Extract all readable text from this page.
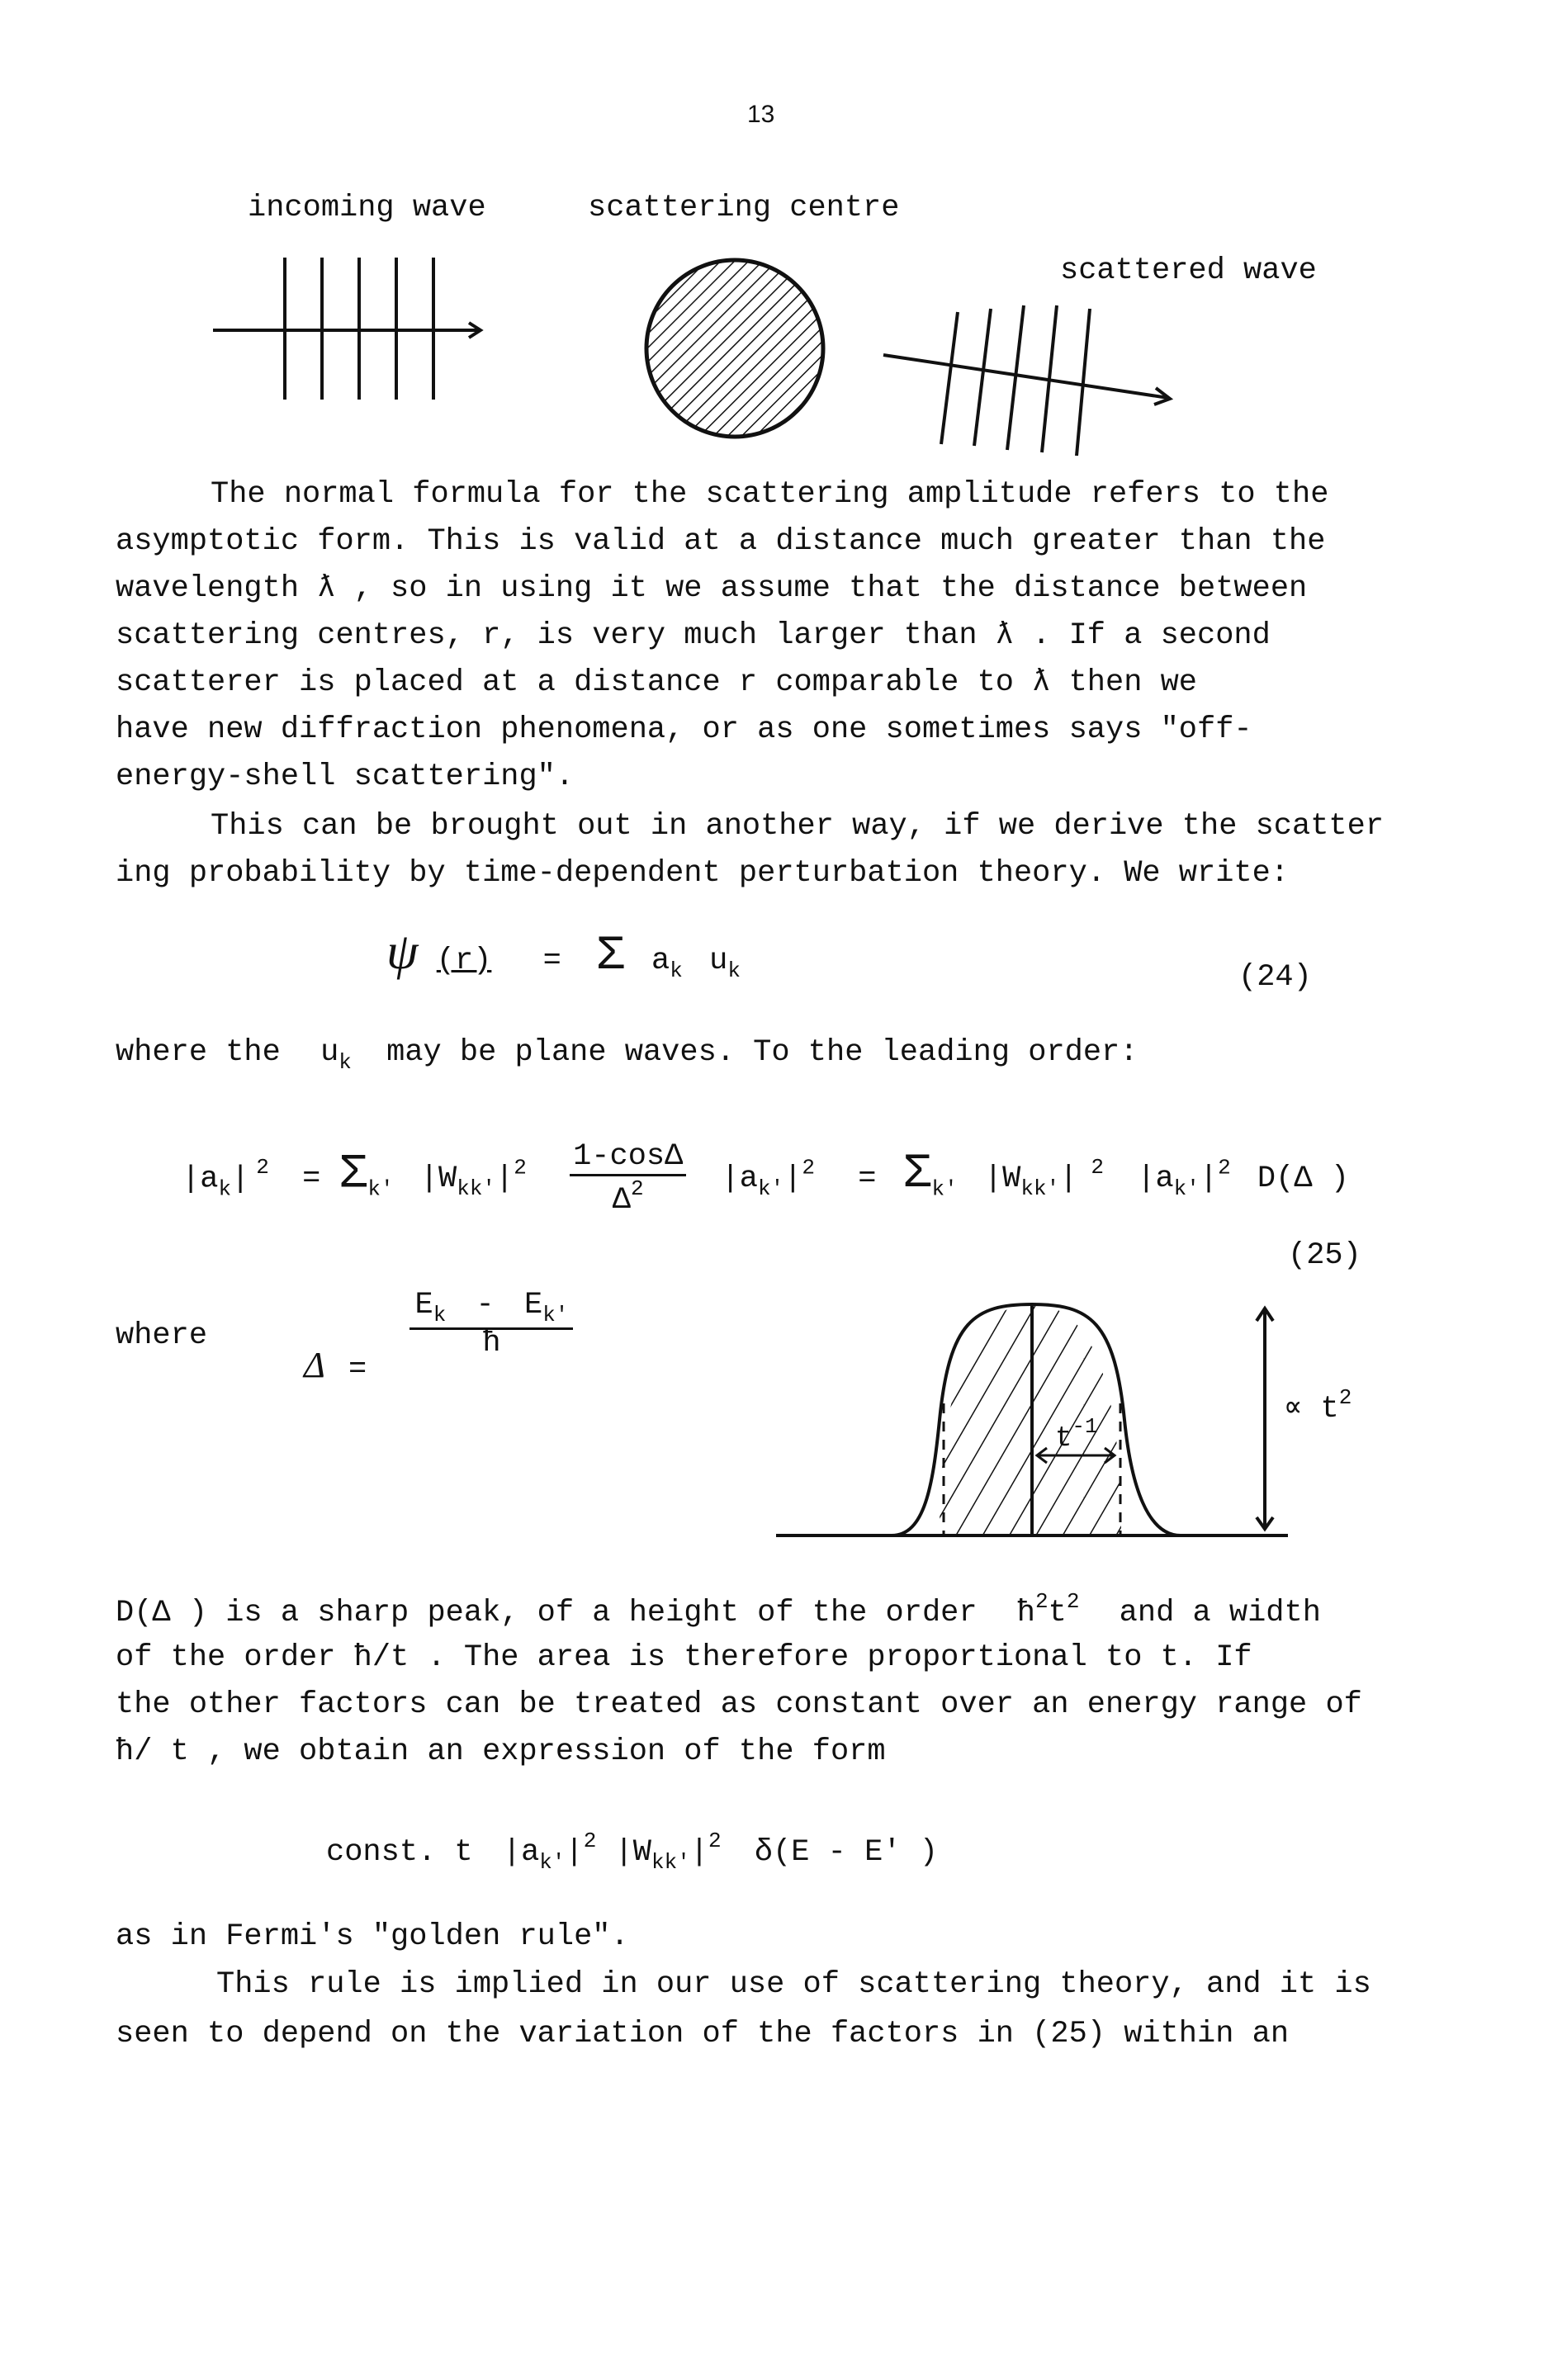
13
incoming wave	scattering centre
scattered wave
The normal formula for the scattering amplitude refers to the
asymptotic form. This is valid at a distance much greater than the
wavelength ƛ , so in using it we assume that the distance between
scattering centres, r, is very much larger than ƛ . If a second
scatterer is placed at a distance r comparable to ƛ then we
have new diffraction phenomena, or as one sometimes says "off-
energy-shell scattering".
This can be brought out in another way, if we derive the scatter
ing probability by time-dependent perturbation theory. We write:
ψ (r) = Σ $a_k$ $u_k$	(24)
where the $u_k$ may be plane waves. To the leading order:
$|a_k|$ $^2 = \Sigma_{k'}$ $|W_{kk'}|^2 \frac{1-\cos\Delta}{\Delta^2} |a_{k'}|^2 = \Sigma_{k'}$ $|W_{kk'}|$ $^2$ $|a_{k'}|^2$ D(Δ )
(25)
where
Δ =
$\frac{E_k - E_{k'}}{ħ}$
$t^{-1}$	∝ $t^2$
D(Δ ) is a sharp peak, of a height of the order $ħ^2t^2$ and a width
of the order ħ/t . The area is therefore proportional to t. If
the other factors can be treated as constant over an energy range of
ħ/ t , we obtain an expression of the form
const. t $|a_{k'}|^2$ $|W_{kk'}|^2$ δ(E - E' )
as in Fermi's "golden rule".
This rule is implied in our use of scattering theory, and it is
seen to depend on the variation of the factors in (25) within an
